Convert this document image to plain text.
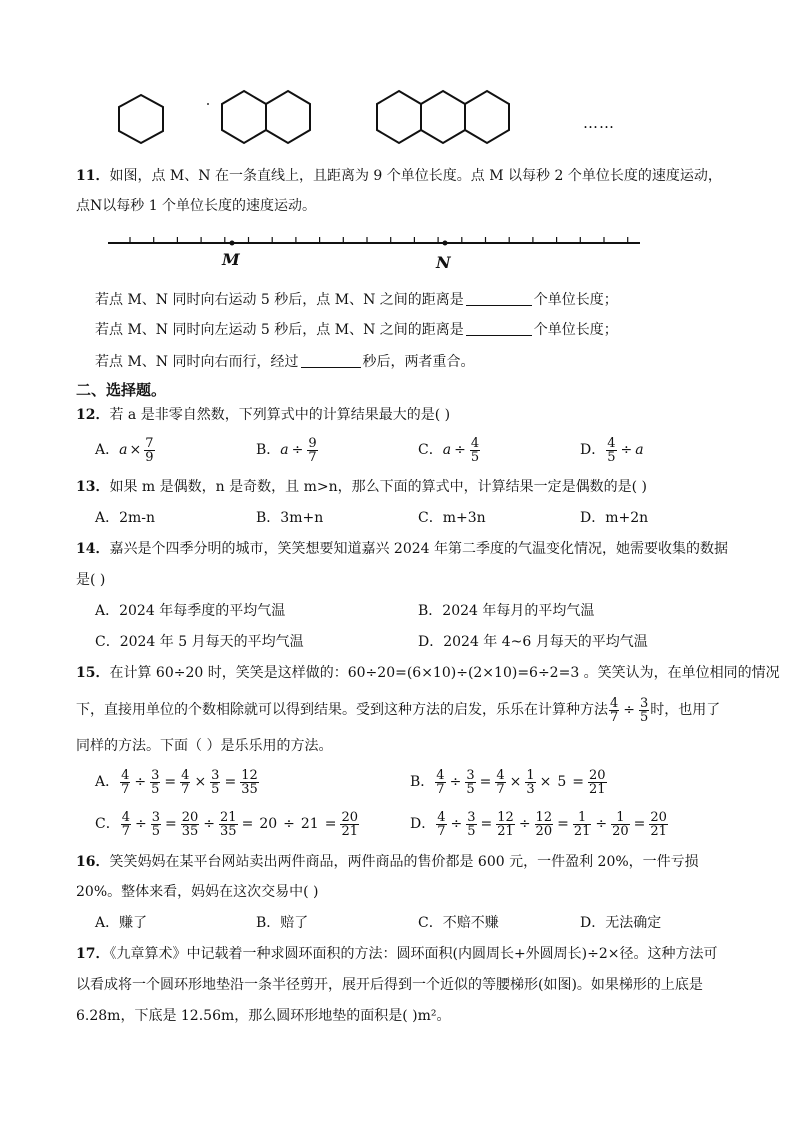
……
11．如图，点 M、N 在一条直线上，且距离为 9 个单位长度。点 M 以每秒 2 个单位长度的速度运动，
点N以每秒 1 个单位长度的速度运动。
M	N
若点 M、N 同时向右运动 5 秒后，点 M、N 之间的距离是	个单位长度；
若点 M、N 同时向左运动 5 秒后，点 M、N 之间的距离是	个单位长度；
若点 M、N 同时向右而行，经过	秒后，两者重合。
二、选择题。
12．若 a 是非零自然数，下列算式中的计算结果最大的是( )
A． $a \times \frac{7}{9}$	B． $a \div \frac{9}{7}$	C． $a \div \frac{4}{5}$	D． $\frac{4}{5} \div a$
13．如果 m 是偶数，n 是奇数，且 m>n，那么下面的算式中，计算结果一定是偶数的是( )
A．2m-n	B．3m+n	C．m+3n	D．m+2n
14．嘉兴是个四季分明的城市，笑笑想要知道嘉兴 2024 年第二季度的气温变化情况，她需要收集的数据
是( )
A．2024 年每季度的平均气温	B．2024 年每月的平均气温
C．2024 年 5 月每天的平均气温	D．2024 年 4~6 月每天的平均气温
15．在计算 60÷20 时，笑笑是这样做的：60÷20=(6×10)÷(2×10)=6÷2=3 。笑笑认为，在单位相同的情况
下，直接用单位的个数相除就可以得到结果。受到这种方法的启发，乐乐在计算种方法 $\frac{4}{7} \div \frac{3}{5}$ 时，也用了
同样的方法。下面（ ）是乐乐用的方法。
A． $\frac{4}{7} \div \frac{3}{5} = \frac{4}{7} \times \frac{3}{5} = \frac{12}{35}$	B． $\frac{4}{7} \div \frac{3}{5} = \frac{4}{7} \times \frac{1}{3} \times 5 = \frac{20}{21}$
C． $\frac{4}{7} \div \frac{3}{5} = \frac{20}{35} \div \frac{21}{35} = 20 \div 21 = \frac{20}{21}$	D． $\frac{4}{7} \div \frac{3}{5} = \frac{12}{21} \div \frac{12}{20} = \frac{1}{21} \div \frac{1}{20} = \frac{20}{21}$
16．笑笑妈妈在某平台网站卖出两件商品，两件商品的售价都是 600 元，一件盈利 20%，一件亏损
20%。整体来看，妈妈在这次交易中( )
A．赚了	B．赔了	C．不赔不赚	D．无法确定
17．《九章算术》中记载着一种求圆环面积的方法：圆环面积(内圆周长+外圆周长)÷2×径。这种方法可
以看成将一个圆环形地垫沿一条半径剪开，展开后得到一个近似的等腰梯形(如图)。如果梯形的上底是
6.28m，下底是 12.56m，那么圆环形地垫的面积是( )m²。
